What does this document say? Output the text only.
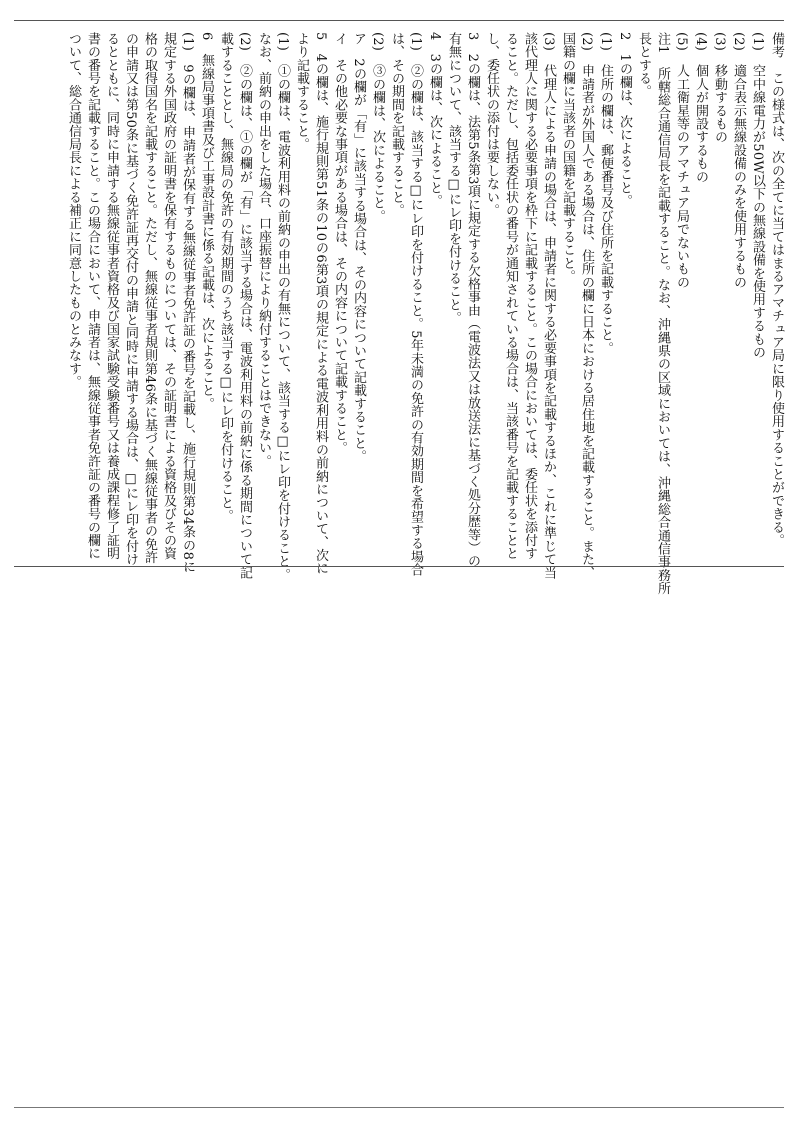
備考　この様式は、次の全てに当てはまるアマチュア局に限り使用することができる。
(1)　空中線電力が50W以下の無線設備を使用するもの
(2)　適合表示無線設備のみを使用するもの
(3)　移動するもの
(4)　個人が開設するもの
(5)　人工衛星等のアマチュア局でないもの
注1　所轄総合通信局長を記載すること。なお、沖縄県の区域においては、沖縄総合通信事務所
長とする。
2　1の欄は、次によること。
(1)　住所の欄は、郵便番号及び住所を記載すること。
(2)　申請者が外国人である場合は、住所の欄に日本における居住地を記載すること。また、
国籍の欄に当該者の国籍を記載すること。
(3)　代理人による申請の場合は、申請者に関する必要事項を記載するほか、これに準じて当
該代理人に関する必要事項を枠下に記載すること。この場合においては、委任状を添付す
ること。ただし、包括委任状の番号が通知されている場合は、当該番号を記載することと
し、委任状の添付は要しない。
3　2の欄は、法第5条第3項に規定する欠格事由（電波法又は放送法に基づく処分歴等）の
有無について、該当する□にレ印を付けること。
4　3の欄は、次によること。
(1)　②の欄は、該当する□にレ印を付けること。5年未満の免許の有効期間を希望する場合
は、その期間を記載すること。
(2)　③の欄は、次によること。
ア　2の欄が「有」に該当する場合は、その内容について記載すること。
イ　その他必要な事項がある場合は、その内容について記載すること。
5　4の欄は、施行規則第51条の10の6第3項の規定による電波利用料の前納について、次に
より記載すること。
(1)　①の欄は、電波利用料の前納の申出の有無について、該当する□にレ印を付けること。
なお、前納の申出をした場合、口座振替により納付することはできない。
(2)　②の欄は、①の欄が「有」に該当する場合は、電波利用料の前納に係る期間について記
載することとし、無線局の免許の有効期間のうち該当する□にレ印を付けること。
6　無線局事項書及び工事設計書に係る記載は、次によること。
(1)　9の欄は、申請者が保有する無線従事者免許証の番号を記載し、施行規則第34条の8に
規定する外国政府の証明書を保有するものについては、その証明書による資格及びその資
格の取得国名を記載すること。ただし、無線従事者規則第46条に基づく無線従事者の免許
の申請又は第50条に基づく免許証再交付の申請と同時に申請する場合は、□にレ印を付け
るとともに、同時に申請する無線従事者資格及び国家試験受験番号又は養成課程修了証明
書の番号を記載すること。この場合において、申請者は、無線従事者免許証の番号の欄に
ついて、総合通信局長による補正に同意したものとみなす。
